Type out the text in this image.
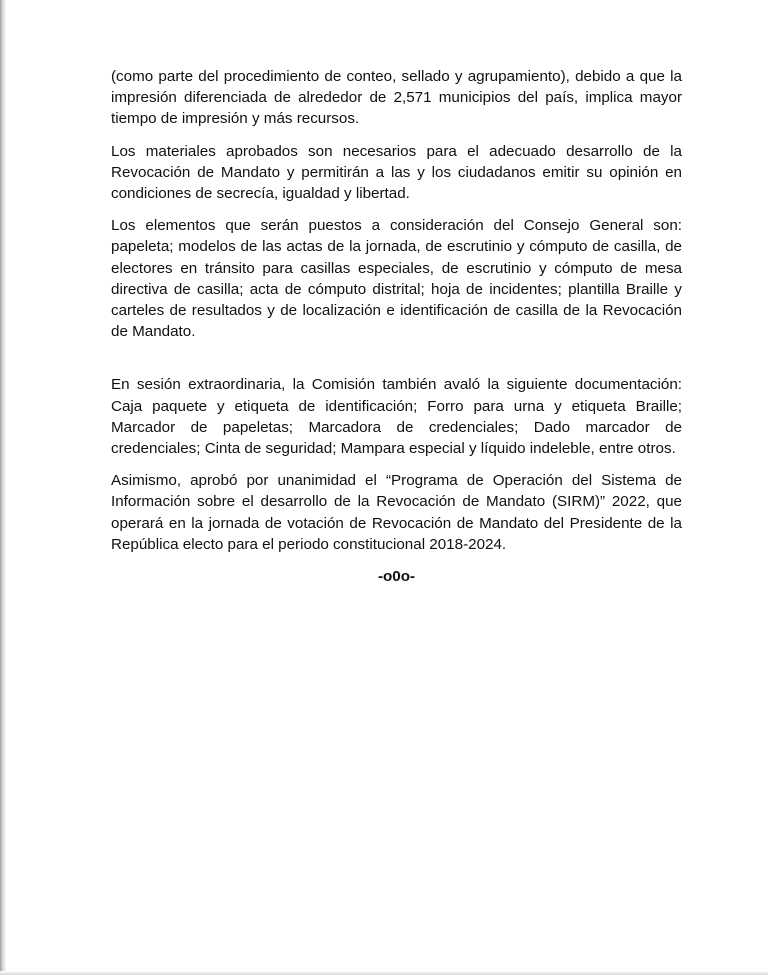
(como parte del procedimiento de conteo, sellado y agrupamiento), debido a que la impresión diferenciada de alrededor de 2,571 municipios del país, implica mayor tiempo de impresión y más recursos.

Los materiales aprobados son necesarios para el adecuado desarrollo de la Revocación de Mandato y permitirán a las y los ciudadanos emitir su opinión en condiciones de secrecía, igualdad y libertad.

Los elementos que serán puestos a consideración del Consejo General son: papeleta; modelos de las actas de la jornada, de escrutinio y cómputo de casilla, de electores en tránsito para casillas especiales, de escrutinio y cómputo de mesa directiva de casilla; acta de cómputo distrital; hoja de incidentes; plantilla Braille y carteles de resultados y de localización e identificación de casilla de la Revocación de Mandato.

En sesión extraordinaria, la Comisión también avaló la siguiente documentación: Caja paquete y etiqueta de identificación; Forro para urna y etiqueta Braille; Marcador de papeletas; Marcadora de credenciales; Dado marcador de credenciales; Cinta de seguridad; Mampara especial y líquido indeleble, entre otros.

Asimismo, aprobó por unanimidad el “Programa de Operación del Sistema de Información sobre el desarrollo de la Revocación de Mandato (SIRM)” 2022, que operará en la jornada de votación de Revocación de Mandato del Presidente de la República electo para el periodo constitucional 2018-2024.

-o0o-
